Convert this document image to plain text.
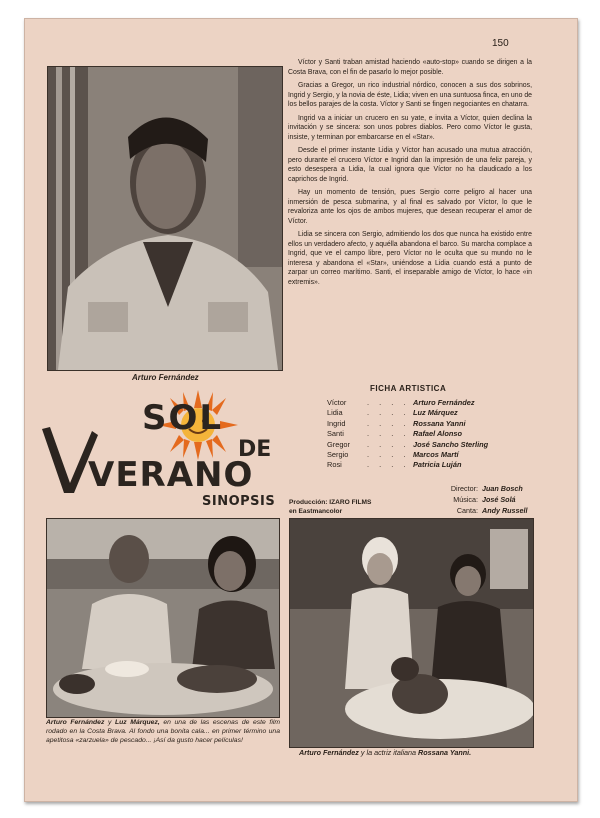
150
Arturo Fernández

Víctor y Santi traban amistad haciendo «auto-stop» cuando se dirigen a la Costa Brava, con el fin de pasarlo lo mejor posible.

Gracias a Gregor, un rico industrial nórdico, conocen a sus dos sobrinos, Ingrid y Sergio, y la novia de éste, Lidia; viven en una suntuosa finca, en uno de los bellos parajes de la costa. Víctor y Santi se fingen negociantes en chatarra.

Ingrid va a iniciar un crucero en su yate, e invita a Víctor, quien declina la invitación y se sincera: son unos pobres diablos. Pero como Víctor le gusta, insiste, y terminan por embarcarse en el «Star».

Desde el primer instante Lidia y Víctor han acusado una mutua atracción, pero durante el crucero Víctor e Ingrid dan la impresión de una feliz pareja, y esto desespera a Lidia, la cual ignora que Víctor no ha claudicado a los caprichos de Ingrid.

Hay un momento de tensión, pues Sergio corre peligro al hacer una inmersión de pesca submarina, y al final es salvado por Víctor, lo que le revaloriza ante los ojos de ambos mujeres, que desean recuperar el amor de Víctor.

Lidia se sincera con Sergio, admitiendo los dos que nunca ha existido entre ellos un verdadero afecto, y aquélla abandona el barco. Su marcha complace a Ingrid, que ve el campo libre, pero Víctor no le oculta que su mundo no le interesa y abandona el «Star», uniéndose a Lidia cuando está a punto de zarpar un correo marítimo. Santi, el inseparable amigo de Víctor, lo hace «in extremis».

SOL
DE
VERANO
SINOPSIS
FICHA ARTISTICA
Víctor	. . . . Arturo Fernández
Lidia	. . . . Luz Márquez
Ingrid	. . . . Rossana Yanni
Santi	. . . . Rafael Alonso
Gregor . . . . José Sancho Sterling
Sergio	. . . . Marcos Martí
Rosi	. . . . Patricia Luján
Producción: IZARO FILMS
en Eastmancolor
Director: Juan Bosch
Música: José Solá
Canta: Andy Russell
Arturo Fernández y Luz Márquez, en una de las escenas de este film rodado en la Costa Brava. Al fondo una bonita cala... en primer término una apetitosa «zarzuela» de pescado... ¡Así da gusto hacer películas!
Arturo Fernández y la actriz italiana Rossana Yanni.
